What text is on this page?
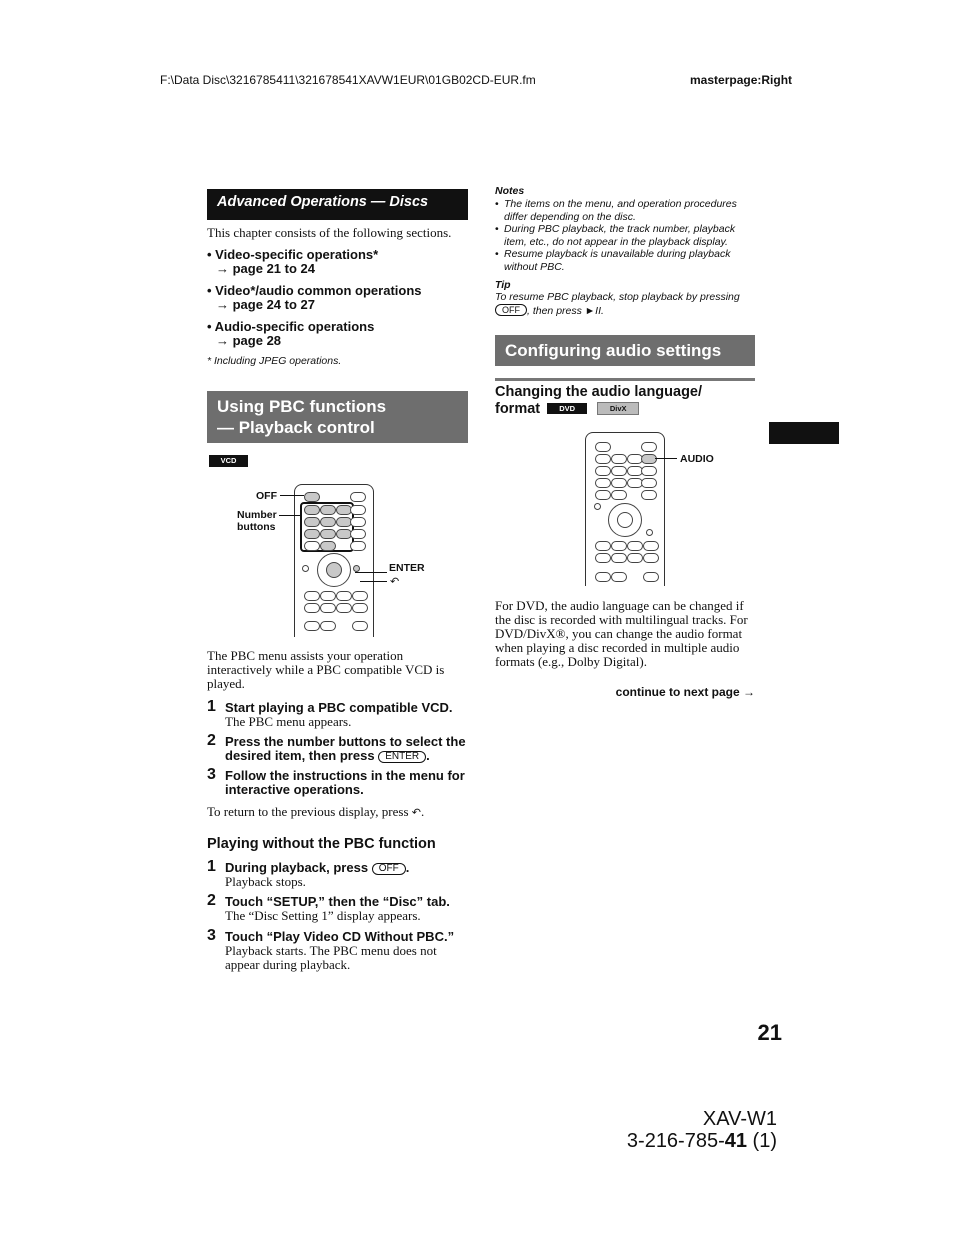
F:\Data Disc\3216785411\321678541XAVW1EUR\01GB02CD-EUR.fm	masterpage:Right
Advanced Operations — Discs
This chapter consists of the following sections.
• Video-specific operations*
→ page 21 to 24
• Video*/audio common operations
→ page 24 to 27
• Audio-specific operations
→ page 28
* Including JPEG operations.
Using PBC functions
— Playback control
VCD
OFF
Number
buttons
ENTER
↶
The PBC menu assists your operation
interactively while a PBC compatible VCD is
played.
1 Start playing a PBC compatible VCD.
The PBC menu appears.
2 Press the number buttons to select the
desired item, then press ENTER .
3 Follow the instructions in the menu for
interactive operations.
To return to the previous display, press ↶.
Playing without the PBC function
1 During playback, press OFF .
Playback stops.
2 Touch “SETUP,” then the “Disc” tab.
The “Disc Setting 1” display appears.
3 Touch “Play Video CD Without PBC.”
Playback starts. The PBC menu does not
appear during playback.
Notes
• The items on the menu, and operation procedures
differ depending on the disc.
• During PBC playback, the track number, playback
item, etc., do not appear in the playback display.
• Resume playback is unavailable during playback
without PBC.
Tip
To resume PBC playback, stop playback by pressing
OFF , then press ►II.
Configuring audio settings
Changing the audio language/
format	DVD	DivX
AUDIO
For DVD, the audio language can be changed if
the disc is recorded with multilingual tracks. For
DVD/DivX®, you can change the audio format
when playing a disc recorded in multiple audio
formats (e.g., Dolby Digital).
continue to next page →
21
XAV-W1
3-216-785-41 (1)
